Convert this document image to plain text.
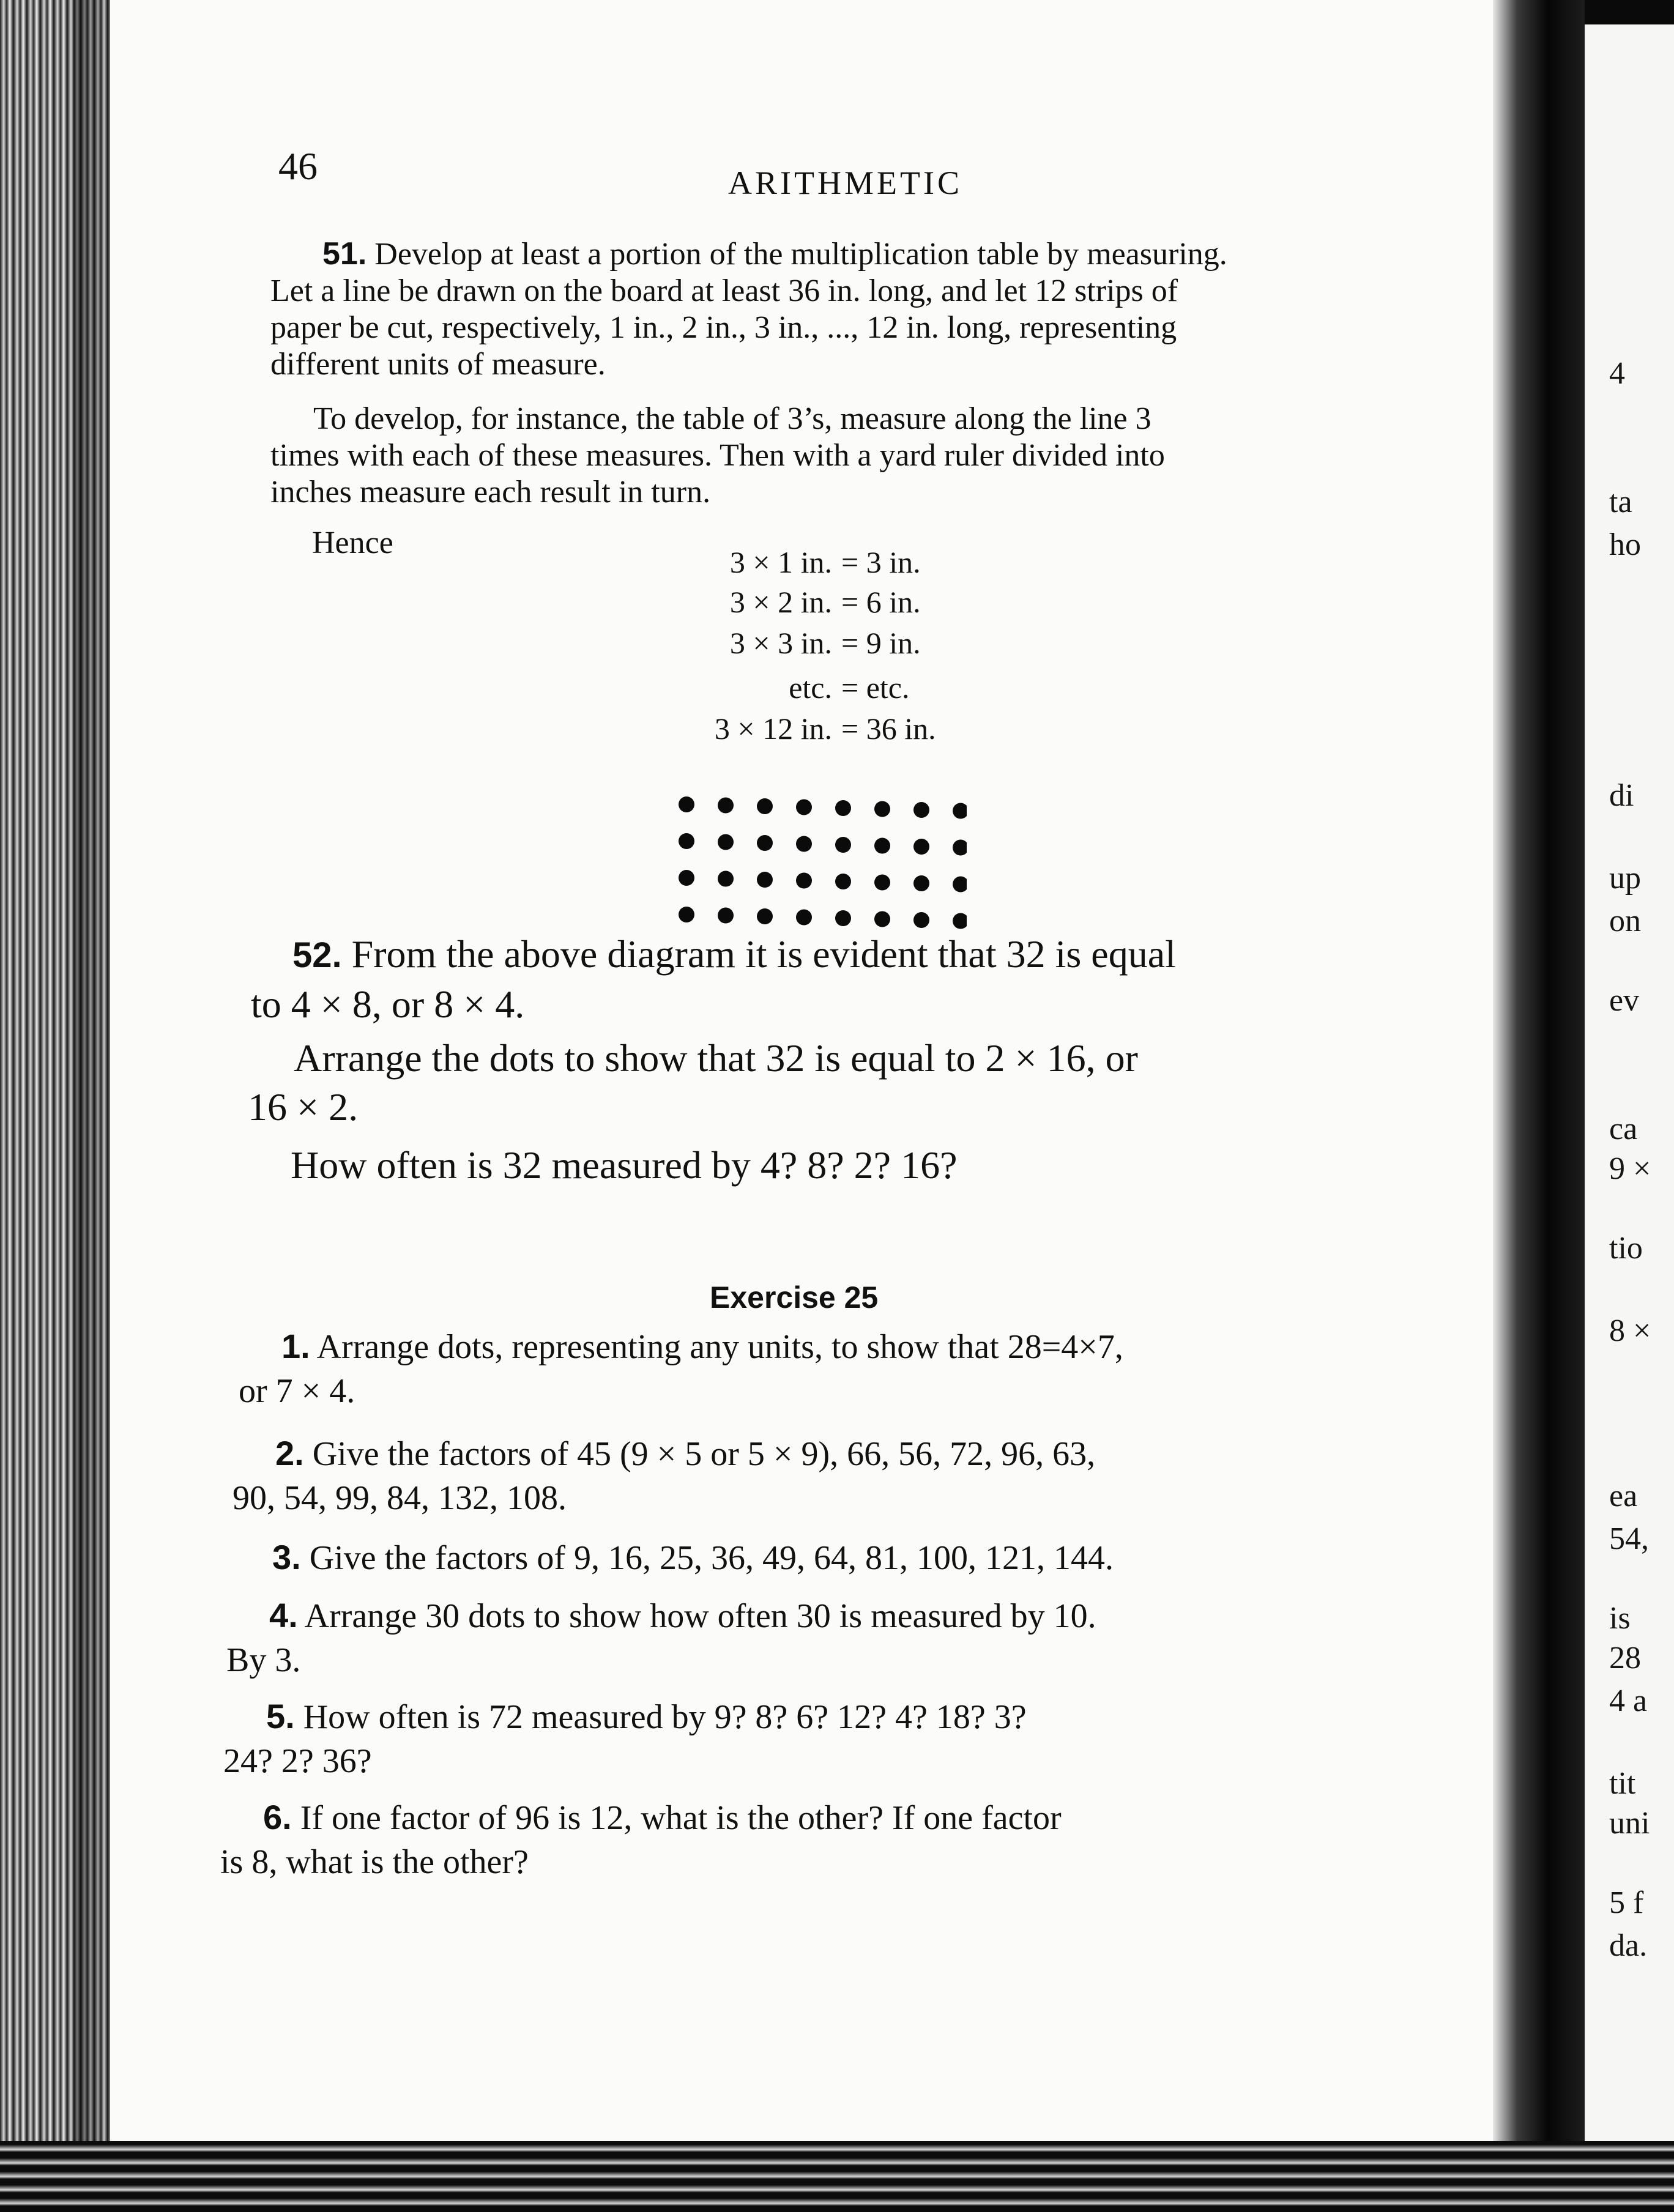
4
ta
ho
di
up
on
ev
ca
9 ×
tio
8 ×
ea
54,
is
28
4 a
tit
uni
5 f
da.
46	ARITHMETIC
51. Develop at least a portion of the multiplication table by measuring.
Let a line be drawn on the board at least 36 in. long, and let 12 strips of
paper be cut, respectively, 1 in., 2 in., 3 in., ..., 12 in. long, representing
different units of measure.
To develop, for instance, the table of 3’s, measure along the line 3
times with each of these measures. Then with a yard ruler divided into
inches measure each result in turn.
Hence
3 × 1 in. = 3 in.
3 × 2 in. = 6 in.
3 × 3 in. = 9 in.
etc. = etc.
3 × 12 in. = 36 in.
52. From the above diagram it is evident that 32 is equal
to 4 × 8, or 8 × 4.
Arrange the dots to show that 32 is equal to 2 × 16, or
16 × 2.
How often is 32 measured by 4? 8? 2? 16?
Exercise 25
1. Arrange dots, representing any units, to show that 28=4×7,
or 7 × 4.
2. Give the factors of 45 (9 × 5 or 5 × 9), 66, 56, 72, 96, 63,
90, 54, 99, 84, 132, 108.
3. Give the factors of 9, 16, 25, 36, 49, 64, 81, 100, 121, 144.
4. Arrange 30 dots to show how often 30 is measured by 10.
By 3.
5. How often is 72 measured by 9? 8? 6? 12? 4? 18? 3?
24? 2? 36?
6. If one factor of 96 is 12, what is the other? If one factor
is 8, what is the other?
